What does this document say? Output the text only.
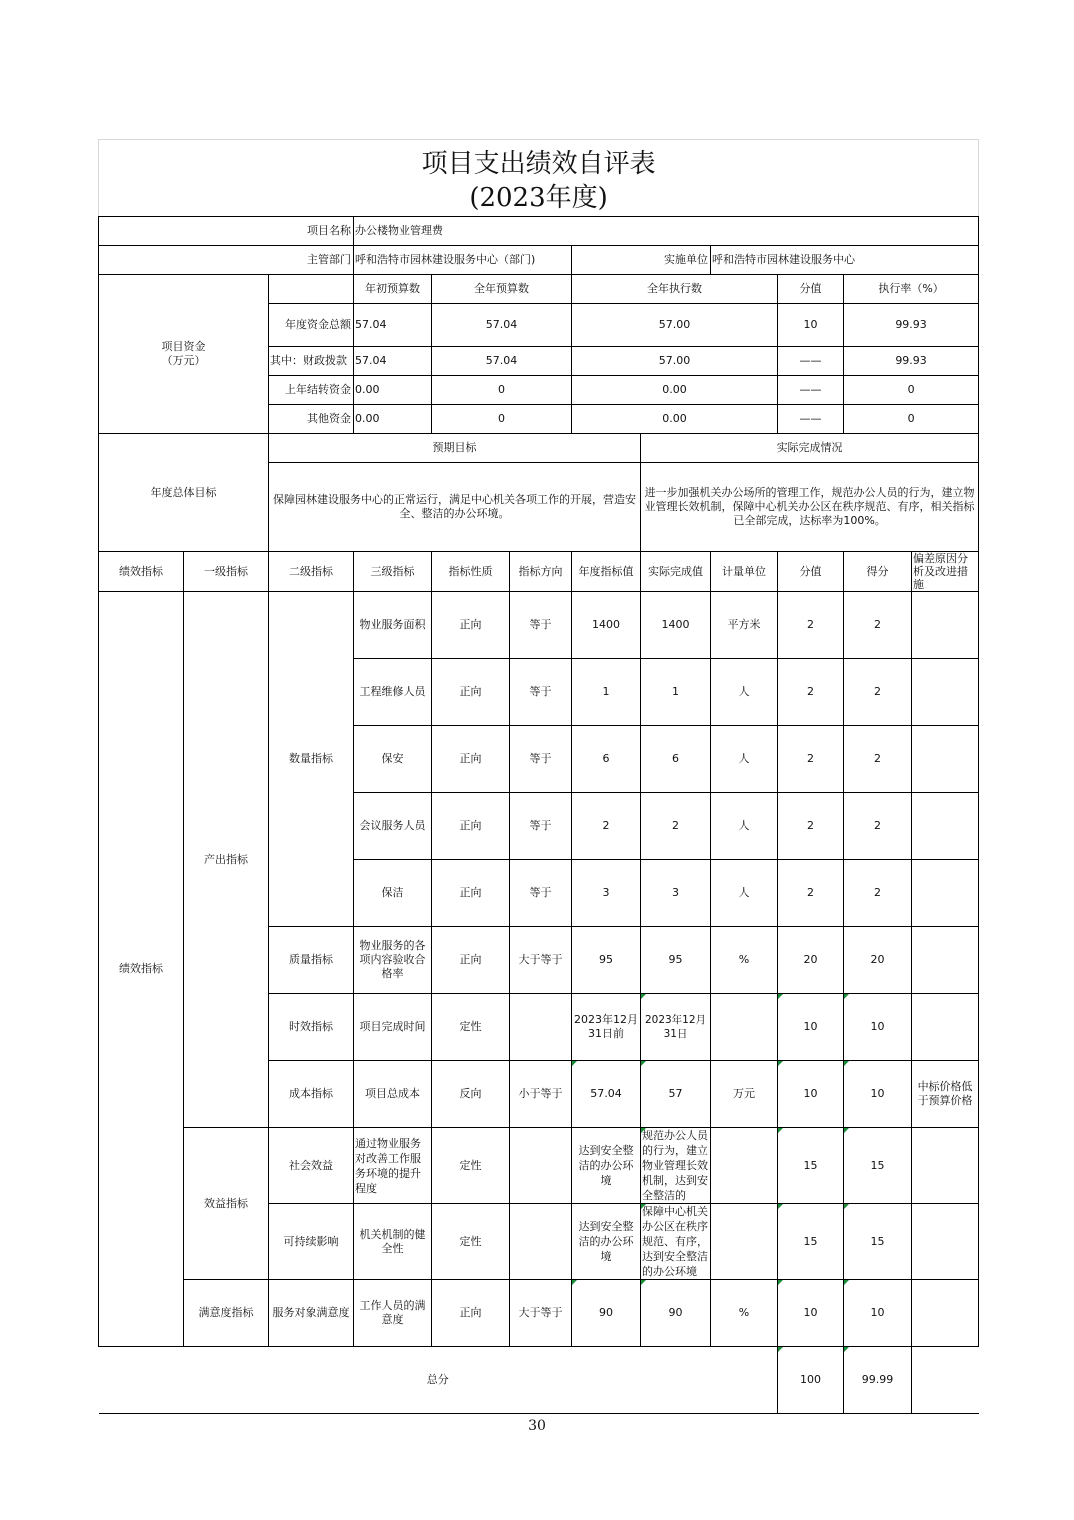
项目支出绩效自评表
(2023年度)												

项目名称			办公楼物业管理费									
主管部门			呼和浩特市园林建设服务中心（部门)			实施单位		呼和浩特市园林建设服务中心				
项目资金
（万元）			年初预算数	全年预算数		全年执行数			分值	执行率（%）	
		年度资金总额	57.04	57.04		57.00			10	99.93	
		其中：财政拨款	57.04	57.04		57.00			——	99.93	
		上年结转资金	0.00	0		0.00			——	0	
		其他资金	0.00	0		0.00			——	0	
年度总体目标		预期目标					实际完成情况					
		保障园林建设服务中心的正常运行，满足中心机关各项工作的开展，营造安全、整洁的办公环境。					进一步加强机关办公场所的管理工作，规范办公人员的行为，建立物业管理长效机制，保障中心机关办公区在秩序规范、有序，相关指标已全部完成，达标率为100%。					
绩效指标	一级指标	二级指标	三级指标	指标性质	指标方向	年度指标值	实际完成值	计量单位	分值	得分	偏差原因分析及改进措施	
绩效指标	产出指标	数量指标	物业服务面积	正向	等于	1400	1400	平方米	2	2		
			工程维修人员	正向	等于	1	1	人	2	2		
			保安	正向	等于	6	6	人	2	2		
			会议服务人员	正向	等于	2	2	人	2	2		
			保洁	正向	等于	3	3	人	2	2		
		质量指标	物业服务的各项内容验收合格率	正向	大于等于	95	95	%	20	20		
		时效指标	项目完成时间	定性		2023年12月31日前	2023年12月31日		10	10		
		成本指标	项目总成本	反向	小于等于	57.04	57	万元	10	10	中标价格低于预算价格	
	效益指标	社会效益	通过物业服务对改善工作服务环境的提升程度	定性		达到安全整洁的办公环境	规范办公人员的行为，建立物业管理长效机制，达到安全整洁的		15	15		
		可持续影响	机关机制的健全性	定性		达到安全整洁的办公环境	保障中心机关办公区在秩序规范、有序，达到安全整洁的办公环境		15	15		
	满意度指标	服务对象满意度	工作人员的满意度	正向	大于等于	90	90	%	10	10		
总分									100	99.99		
30
